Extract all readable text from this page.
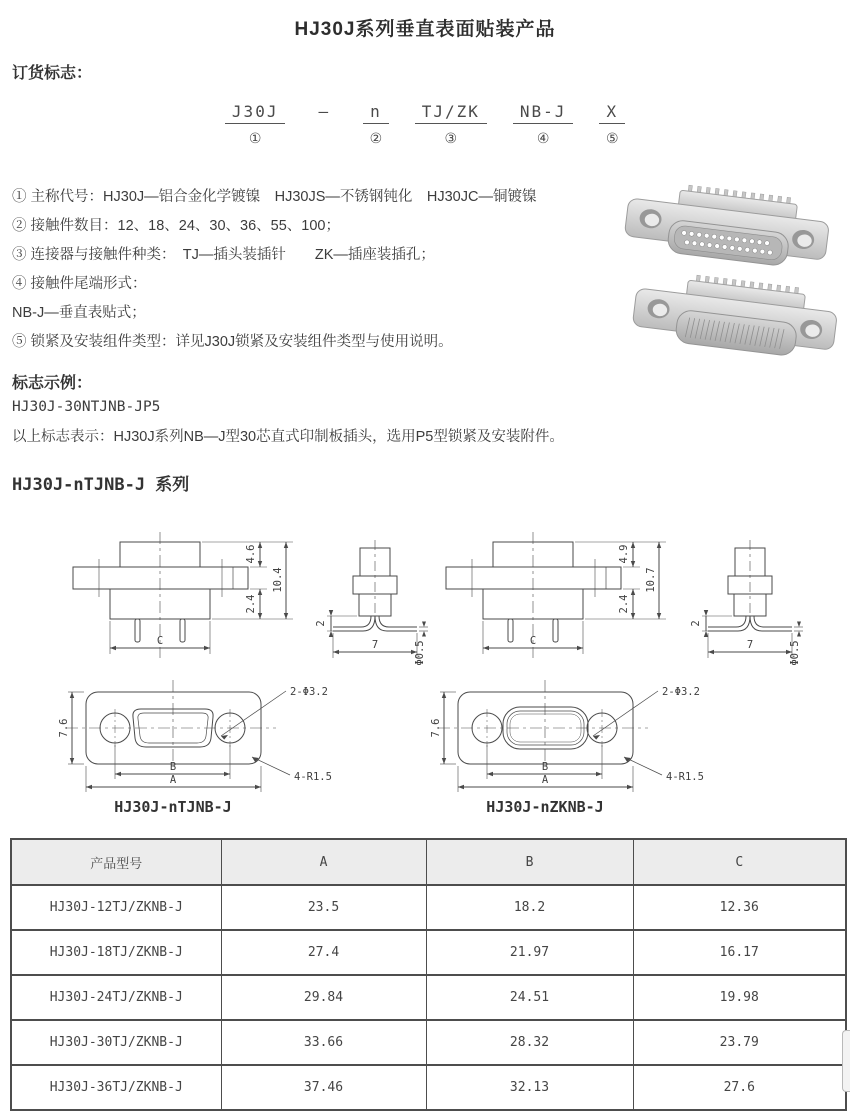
HJ30J系列垂直表面贴装产品
订货标志：
J30J
①
—	n
②
TJ/ZK
③
NB-J
④
X
⑤
① 主称代号：HJ30J—铝合金化学镀镍　HJ30JS—不锈钢钝化　HJ30JC—铜镀镍
② 接触件数目：12、18、24、30、36、55、100；
③ 连接器与接触件种类：　TJ—插头装插针　　ZK—插座装插孔；
④ 接触件尾端形式：
NB-J—垂直表贴式；
⑤ 锁紧及安装组件类型：详见J30J锁紧及安装组件类型与使用说明。
标志示例：
HJ30J-30NTJNB-JP5
以上标志表示：HJ30J系列NB—J型30芯直式印制板插头，选用P5型锁紧及安装附件。
HJ30J-nTJNB-J 系列
4.6
2.4
10.4
C
2
7	Φ0.5
4.9
2.4
10.7
C
2
7	Φ0.5
7.6
2-Φ3.2
4-R1.5
B
A
HJ30J-nTJNB-J
7.6
2-Φ3.2
4-R1.5
B
A
HJ30J-nZKNB-J
产品型号	A	B	C
HJ30J-12TJ/ZKNB-J	23.5	18.2	12.36
HJ30J-18TJ/ZKNB-J	27.4	21.97	16.17
HJ30J-24TJ/ZKNB-J	29.84	24.51	19.98
HJ30J-30TJ/ZKNB-J	33.66	28.32	23.79
HJ30J-36TJ/ZKNB-J	37.46	32.13	27.6
